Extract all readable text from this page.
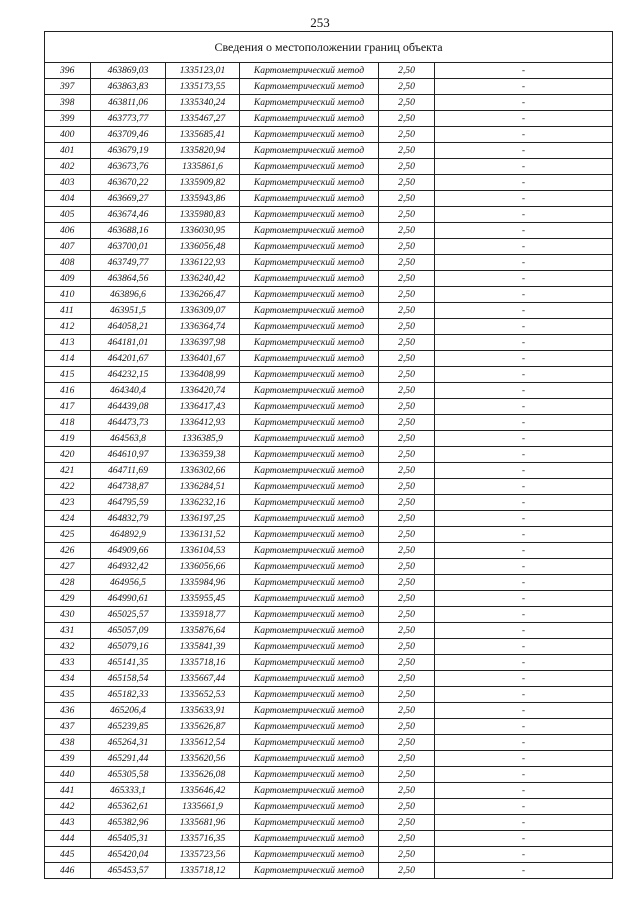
253
Сведения о местоположении границ объекта					
396	463869,03	1335123,01	Картометрический метод	2,50	-
397	463863,83	1335173,55	Картометрический метод	2,50	-
398	463811,06	1335340,24	Картометрический метод	2,50	-
399	463773,77	1335467,27	Картометрический метод	2,50	-
400	463709,46	1335685,41	Картометрический метод	2,50	-
401	463679,19	1335820,94	Картометрический метод	2,50	-
402	463673,76	1335861,6	Картометрический метод	2,50	-
403	463670,22	1335909,82	Картометрический метод	2,50	-
404	463669,27	1335943,86	Картометрический метод	2,50	-
405	463674,46	1335980,83	Картометрический метод	2,50	-
406	463688,16	1336030,95	Картометрический метод	2,50	-
407	463700,01	1336056,48	Картометрический метод	2,50	-
408	463749,77	1336122,93	Картометрический метод	2,50	-
409	463864,56	1336240,42	Картометрический метод	2,50	-
410	463896,6	1336266,47	Картометрический метод	2,50	-
411	463951,5	1336309,07	Картометрический метод	2,50	-
412	464058,21	1336364,74	Картометрический метод	2,50	-
413	464181,01	1336397,98	Картометрический метод	2,50	-
414	464201,67	1336401,67	Картометрический метод	2,50	-
415	464232,15	1336408,99	Картометрический метод	2,50	-
416	464340,4	1336420,74	Картометрический метод	2,50	-
417	464439,08	1336417,43	Картометрический метод	2,50	-
418	464473,73	1336412,93	Картометрический метод	2,50	-
419	464563,8	1336385,9	Картометрический метод	2,50	-
420	464610,97	1336359,38	Картометрический метод	2,50	-
421	464711,69	1336302,66	Картометрический метод	2,50	-
422	464738,87	1336284,51	Картометрический метод	2,50	-
423	464795,59	1336232,16	Картометрический метод	2,50	-
424	464832,79	1336197,25	Картометрический метод	2,50	-
425	464892,9	1336131,52	Картометрический метод	2,50	-
426	464909,66	1336104,53	Картометрический метод	2,50	-
427	464932,42	1336056,66	Картометрический метод	2,50	-
428	464956,5	1335984,96	Картометрический метод	2,50	-
429	464990,61	1335955,45	Картометрический метод	2,50	-
430	465025,57	1335918,77	Картометрический метод	2,50	-
431	465057,09	1335876,64	Картометрический метод	2,50	-
432	465079,16	1335841,39	Картометрический метод	2,50	-
433	465141,35	1335718,16	Картометрический метод	2,50	-
434	465158,54	1335667,44	Картометрический метод	2,50	-
435	465182,33	1335652,53	Картометрический метод	2,50	-
436	465206,4	1335633,91	Картометрический метод	2,50	-
437	465239,85	1335626,87	Картометрический метод	2,50	-
438	465264,31	1335612,54	Картометрический метод	2,50	-
439	465291,44	1335620,56	Картометрический метод	2,50	-
440	465305,58	1335626,08	Картометрический метод	2,50	-
441	465333,1	1335646,42	Картометрический метод	2,50	-
442	465362,61	1335661,9	Картометрический метод	2,50	-
443	465382,96	1335681,96	Картометрический метод	2,50	-
444	465405,31	1335716,35	Картометрический метод	2,50	-
445	465420,04	1335723,56	Картометрический метод	2,50	-
446	465453,57	1335718,12	Картометрический метод	2,50	-
